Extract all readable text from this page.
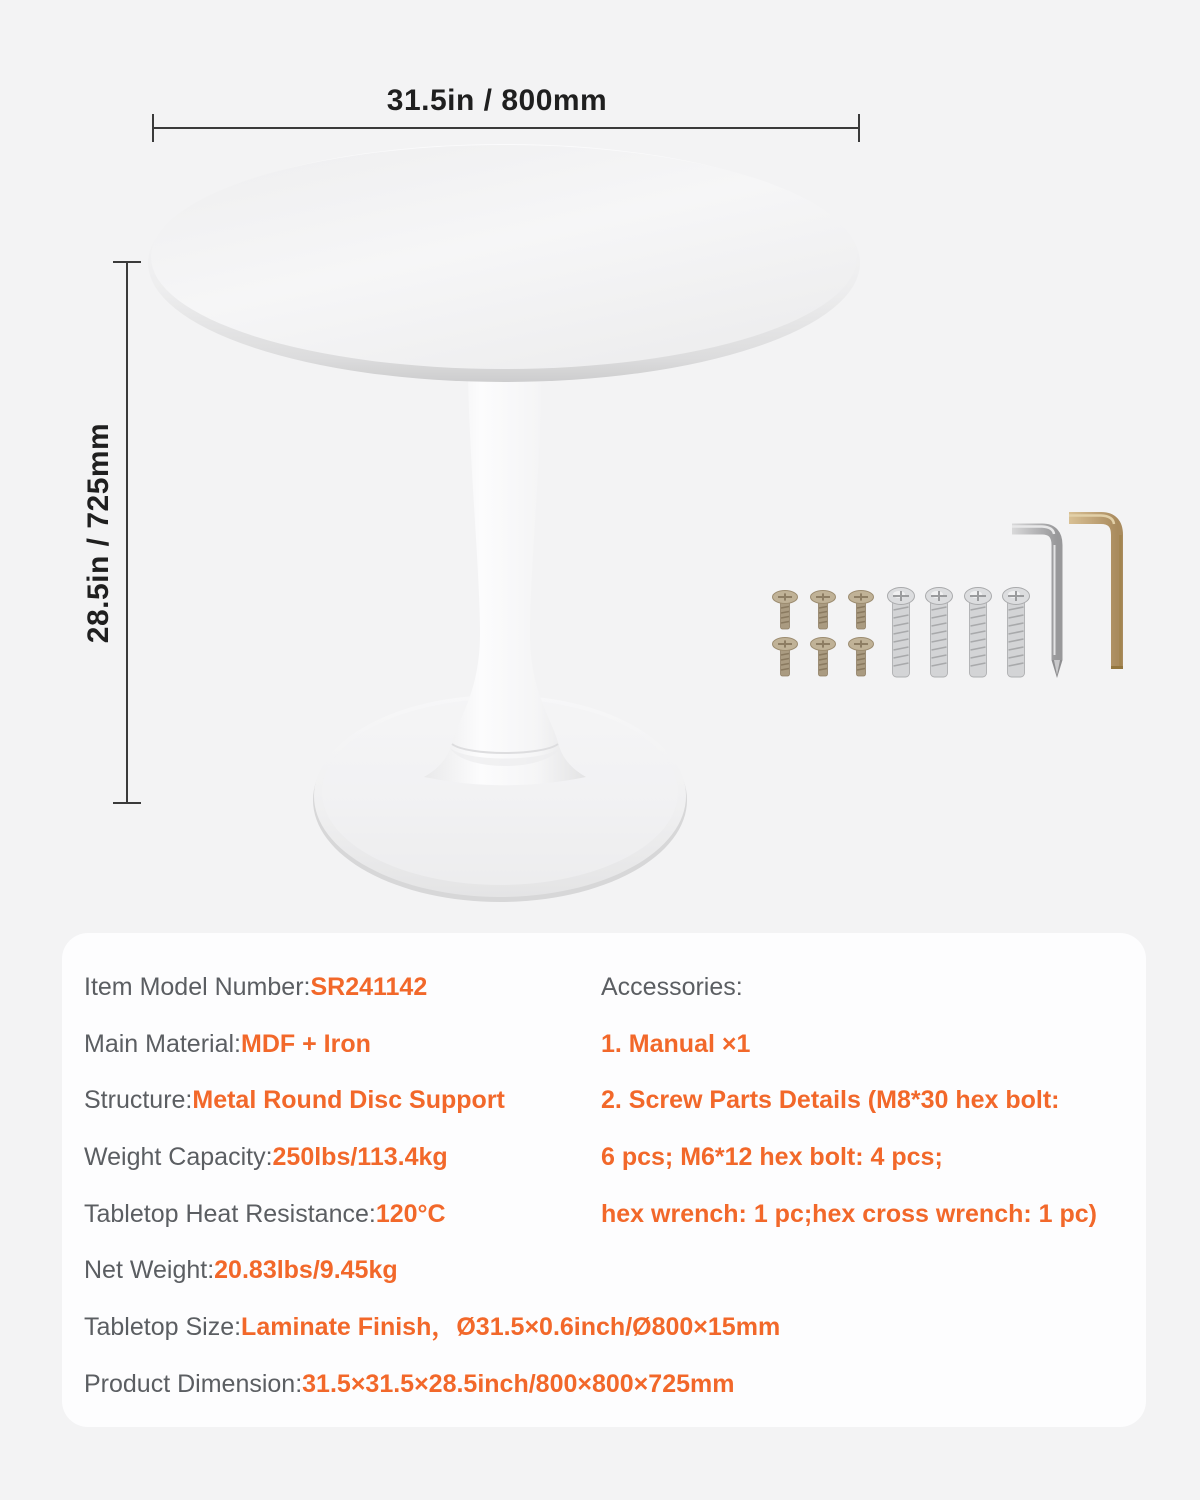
31.5in / 800mm
28.5in / 725mm
Item Model Number:SR241142
Main Material:MDF + Iron
Structure:Metal Round Disc Support
Weight Capacity:250lbs/113.4kg
Tabletop Heat Resistance:120°C
Net Weight:20.83lbs/9.45kg
Tabletop Size:Laminate Finish，Ø31.5×0.6inch/Ø800×15mm
Product Dimension:31.5×31.5×28.5inch/800×800×725mm
Accessories:
1. Manual ×1
2. Screw Parts Details (M8*30 hex bolt:
6 pcs; M6*12 hex bolt: 4 pcs;
hex wrench: 1 pc;hex cross wrench: 1 pc)
